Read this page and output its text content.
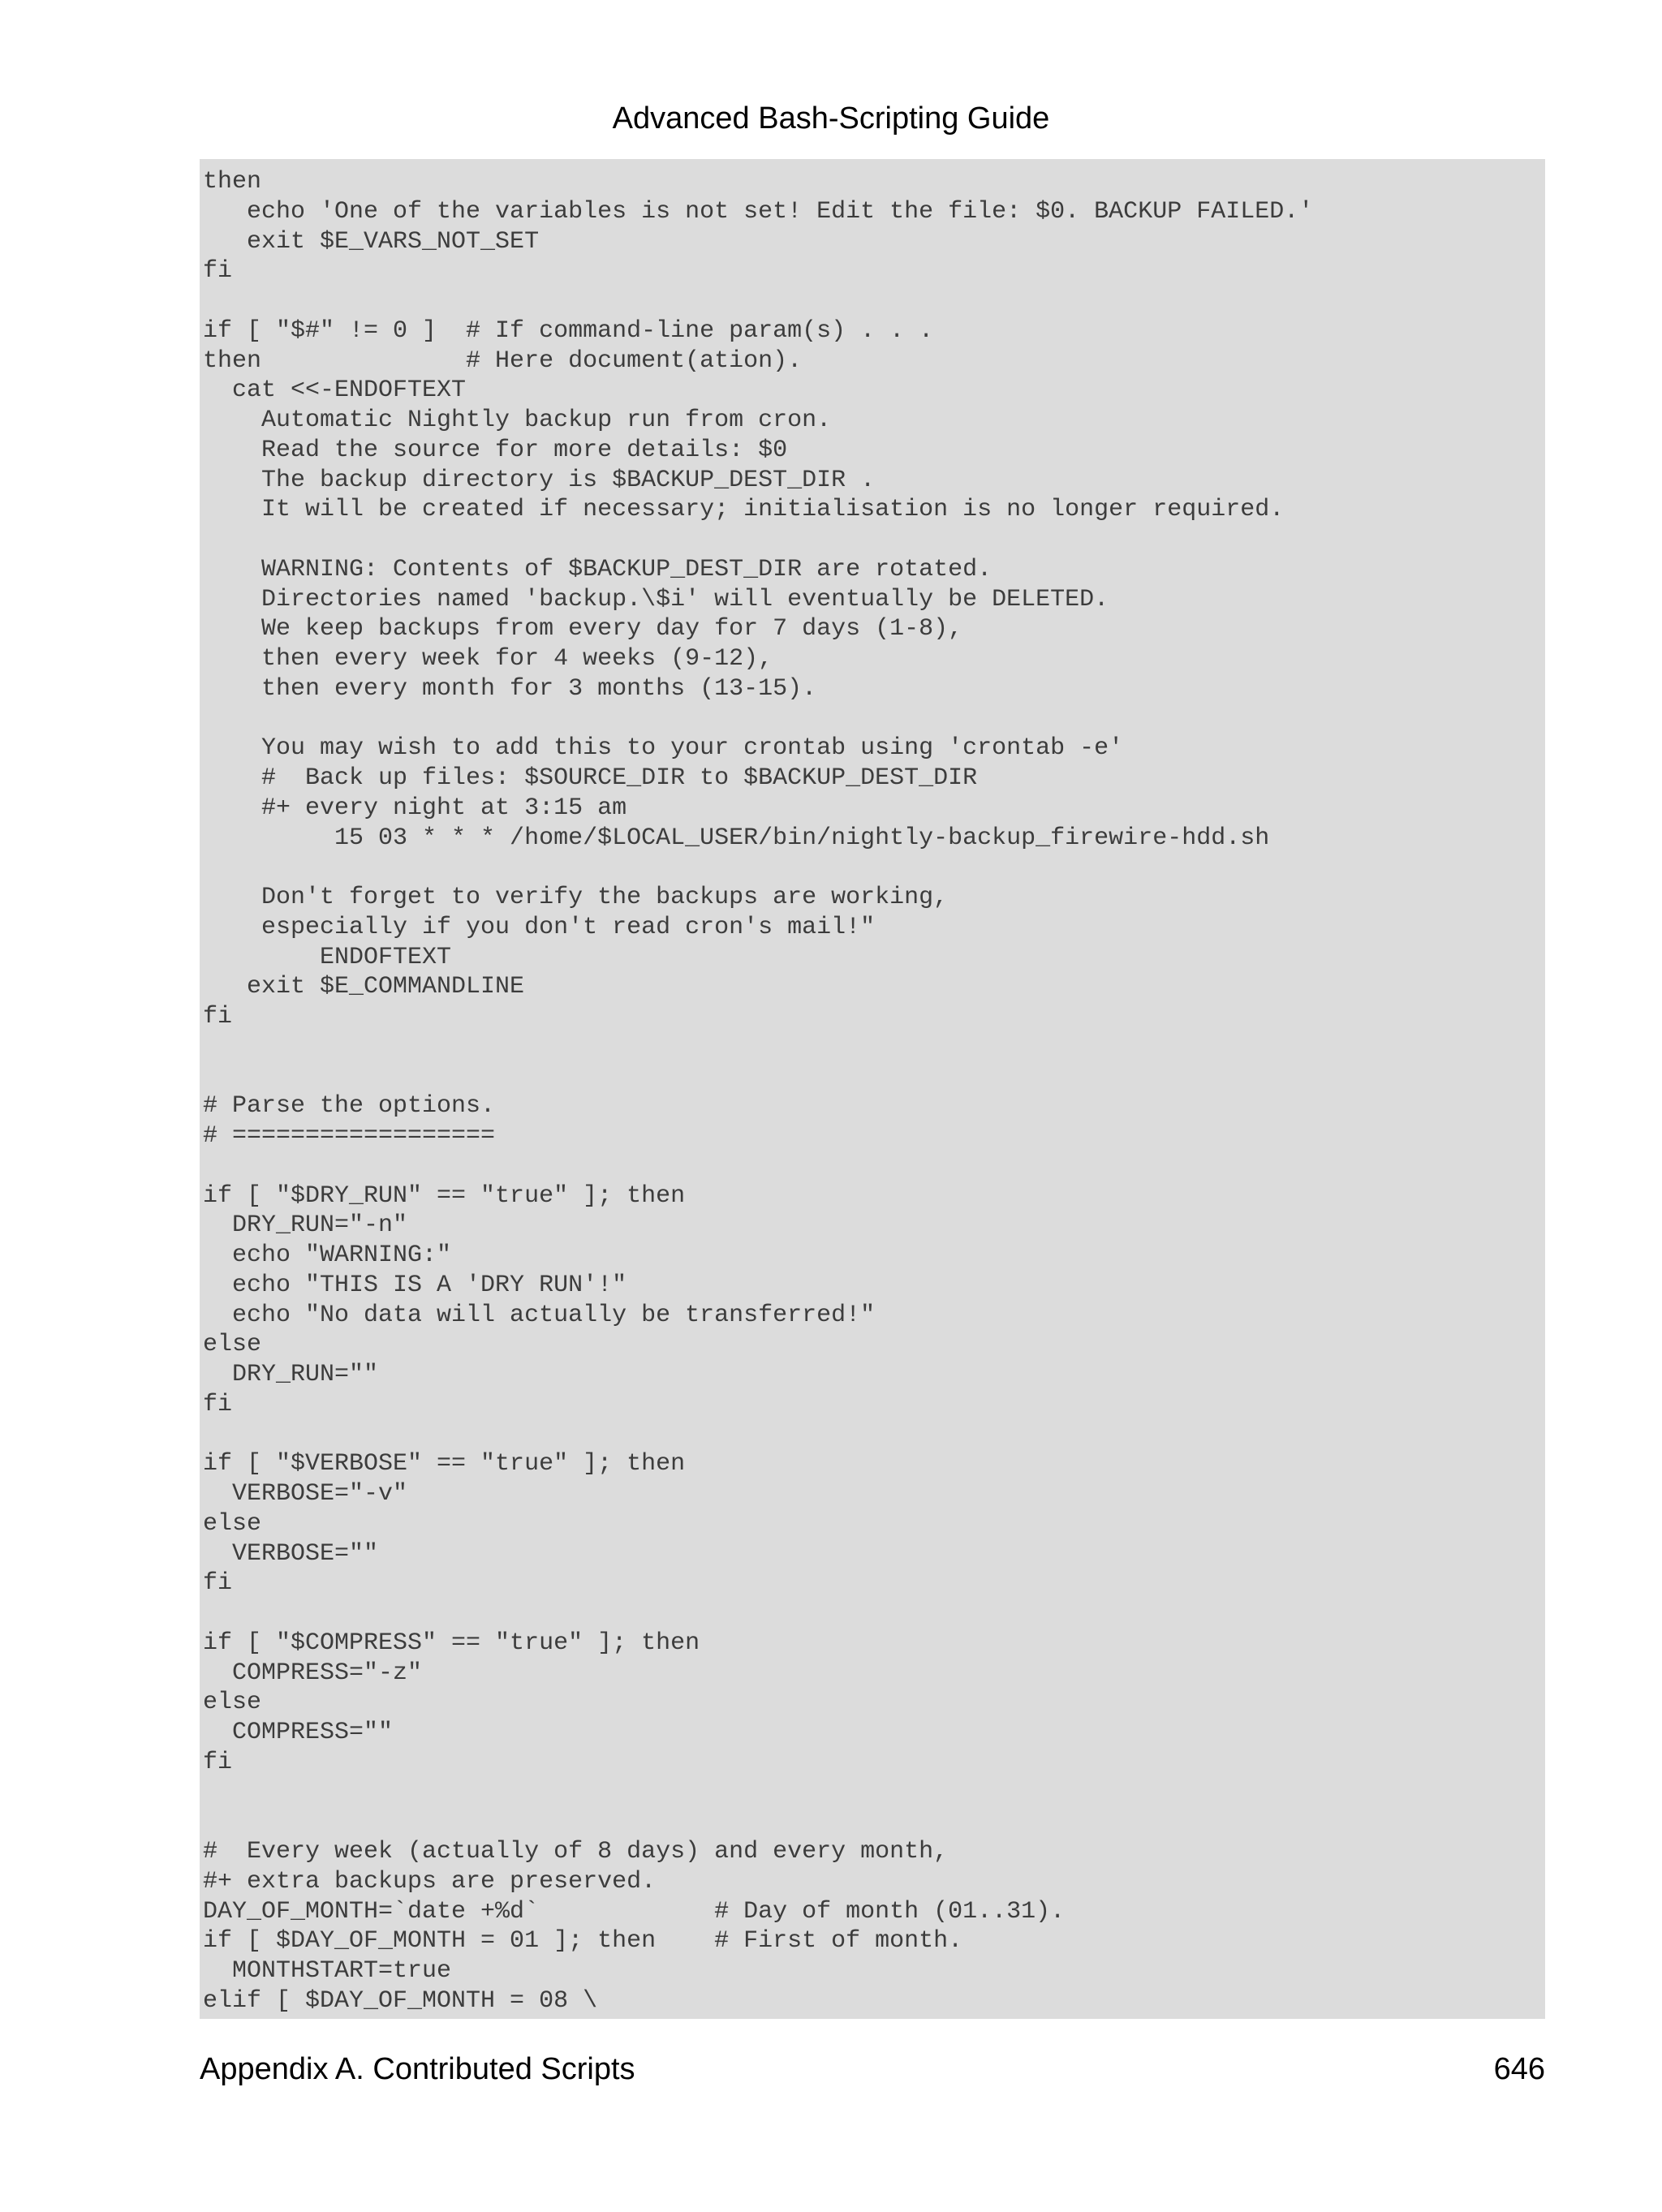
Advanced Bash-Scripting Guide
then
echo 'One of the variables is not set! Edit the file: $0. BACKUP FAILED.'
exit $E_VARS_NOT_SET
fi
if [ "$#" != 0 ]  # If command-line param(s) . . .
then              # Here document(ation).
cat <<-ENDOFTEXT
Automatic Nightly backup run from cron.
Read the source for more details: $0
The backup directory is $BACKUP_DEST_DIR .
It will be created if necessary; initialisation is no longer required.
WARNING: Contents of $BACKUP_DEST_DIR are rotated.
Directories named 'backup.\$i' will eventually be DELETED.
We keep backups from every day for 7 days (1-8),
then every week for 4 weeks (9-12),
then every month for 3 months (13-15).
You may wish to add this to your crontab using 'crontab -e'
#  Back up files: $SOURCE_DIR to $BACKUP_DEST_DIR
#+ every night at 3:15 am
15 03 * * * /home/$LOCAL_USER/bin/nightly-backup_firewire-hdd.sh
Don't forget to verify the backups are working,
especially if you don't read cron's mail!"
ENDOFTEXT
exit $E_COMMANDLINE
fi
# Parse the options.
# ==================
if [ "$DRY_RUN" == "true" ]; then
DRY_RUN="-n"
echo "WARNING:"
echo "THIS IS A 'DRY RUN'!"
echo "No data will actually be transferred!"
else
DRY_RUN=""
fi
if [ "$VERBOSE" == "true" ]; then
VERBOSE="-v"
else
VERBOSE=""
fi
if [ "$COMPRESS" == "true" ]; then
COMPRESS="-z"
else
COMPRESS=""
fi
#  Every week (actually of 8 days) and every month,
#+ extra backups are preserved.
DAY_OF_MONTH=`date +%d`            # Day of month (01..31).
if [ $DAY_OF_MONTH = 01 ]; then    # First of month.
MONTHSTART=true
elif [ $DAY_OF_MONTH = 08 \
Appendix A. Contributed Scripts	646
